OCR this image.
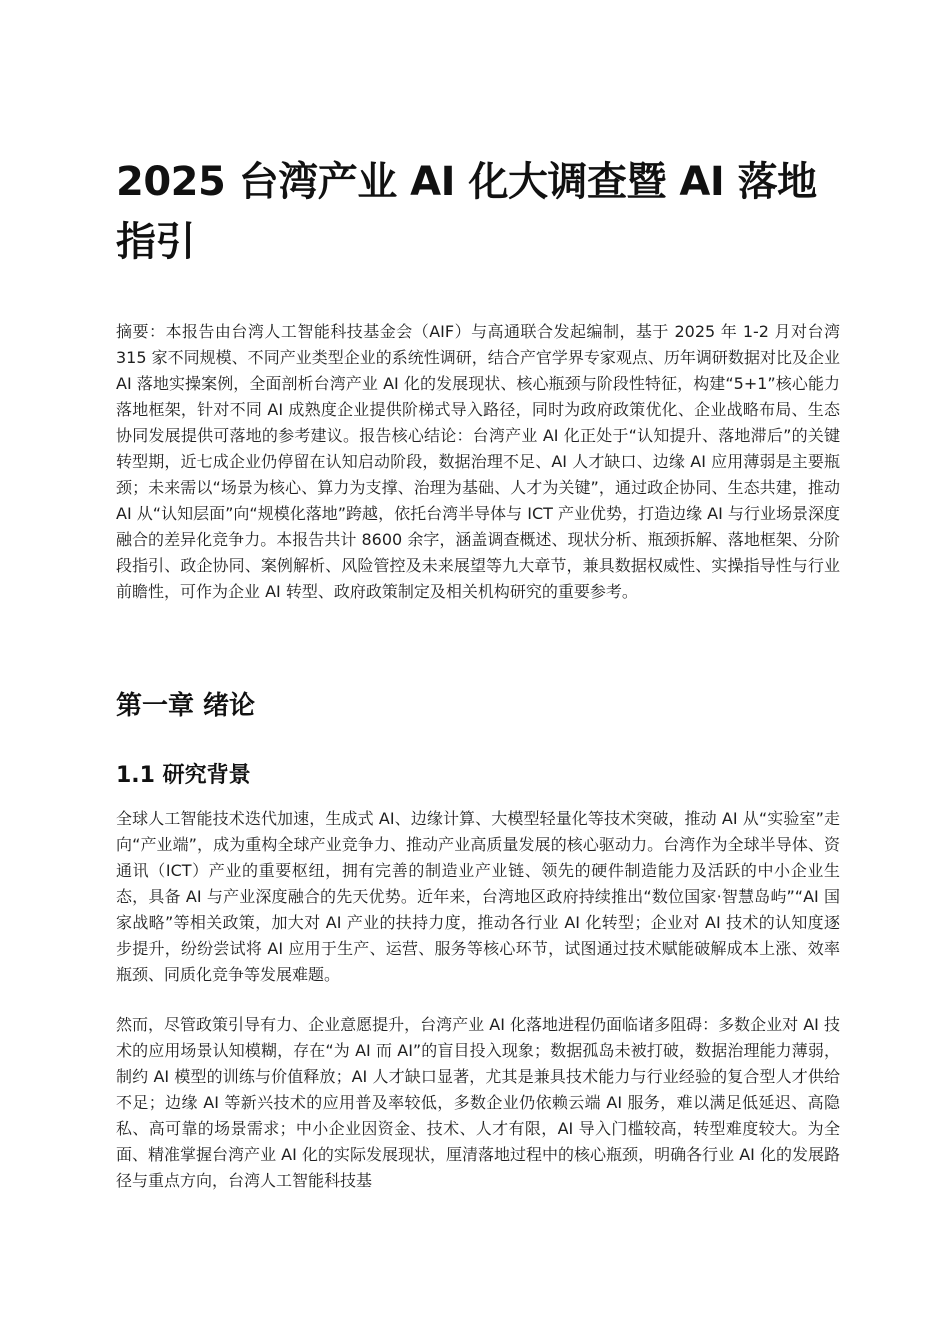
2025 台湾产业 AI 化大调查暨 AI 落地指引

摘要：本报告由台湾人工智能科技基金会（AIF）与高通联合发起编制，基于 2025 年 1-2 月对台湾 315 家不同规模、不同产业类型企业的系统性调研，结合产官学界专家观点、历年调研数据对比及企业 AI 落地实操案例，全面剖析台湾产业 AI 化的发展现状、核心瓶颈与阶段性特征，构建“5+1”核心能力落地框架，针对不同 AI 成熟度企业提供阶梯式导入路径，同时为政府政策优化、企业战略布局、生态协同发展提供可落地的参考建议。报告核心结论：台湾产业 AI 化正处于“认知提升、落地滞后”的关键转型期，近七成企业仍停留在认知启动阶段，数据治理不足、AI 人才缺口、边缘 AI 应用薄弱是主要瓶颈；未来需以“场景为核心、算力为支撑、治理为基础、人才为关键”，通过政企协同、生态共建，推动 AI 从“认知层面”向“规模化落地”跨越，依托台湾半导体与 ICT 产业优势，打造边缘 AI 与行业场景深度融合的差异化竞争力。本报告共计 8600 余字，涵盖调查概述、现状分析、瓶颈拆解、落地框架、分阶段指引、政企协同、案例解析、风险管控及未来展望等九大章节，兼具数据权威性、实操指导性与行业前瞻性，可作为企业 AI 转型、政府政策制定及相关机构研究的重要参考。

第一章 绪论
1.1 研究背景

全球人工智能技术迭代加速，生成式 AI、边缘计算、大模型轻量化等技术突破，推动 AI 从“实验室”走向“产业端”，成为重构全球产业竞争力、推动产业高质量发展的核心驱动力。台湾作为全球半导体、资通讯（ICT）产业的重要枢纽，拥有完善的制造业产业链、领先的硬件制造能力及活跃的中小企业生态，具备 AI 与产业深度融合的先天优势。近年来，台湾地区政府持续推出“数位国家·智慧岛屿”“AI 国家战略”等相关政策，加大对 AI 产业的扶持力度，推动各行业 AI 化转型；企业对 AI 技术的认知度逐步提升，纷纷尝试将 AI 应用于生产、运营、服务等核心环节，试图通过技术赋能破解成本上涨、效率瓶颈、同质化竞争等发展难题。

然而，尽管政策引导有力、企业意愿提升，台湾产业 AI 化落地进程仍面临诸多阻碍：多数企业对 AI 技术的应用场景认知模糊，存在“为 AI 而 AI”的盲目投入现象；数据孤岛未被打破，数据治理能力薄弱，制约 AI 模型的训练与价值释放；AI 人才缺口显著，尤其是兼具技术能力与行业经验的复合型人才供给不足；边缘 AI 等新兴技术的应用普及率较低，多数企业仍依赖云端 AI 服务，难以满足低延迟、高隐私、高可靠的场景需求；中小企业因资金、技术、人才有限，AI 导入门槛较高，转型难度较大。为全面、精准掌握台湾产业 AI 化的实际发展现状，厘清落地过程中的核心瓶颈，明确各行业 AI 化的发展路径与重点方向，台湾人工智能科技基
